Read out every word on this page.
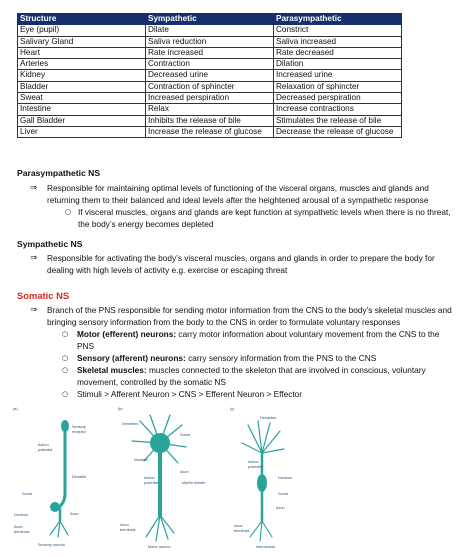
Structure	Sympathetic	Parasympathetic
Eye (pupil)	Dilate	Constrict
Salivary Gland	Saliva reduction	Saliva increased
Heart	Rate increased	Rate decreased
Arteries	Contraction	Dilation
Kidney	Decreased urine	Increased urine
Bladder	Contraction of sphincter	Relaxation of sphincter
Sweat	Increased perspiration	Decreased perspiration
Intestine	Relax	Increase contractions
Gall Bladder	Inhibits the release of bile	Stimulates the release of bile
Liver	Increase the release of glucose	Decrease the release of glucose
Parasympathetic NS
⇒ Responsible for maintaining optimal levels of functioning of the visceral organs, muscles and glands and
returning them to their balanced and ideal levels after the heightened arousal of a sympathetic response
○ If visceral muscles, organs and glands are kept function at sympathetic levels when there is no threat,
the body’s energy becomes depleted
Sympathetic NS
⇒ Responsible for activating the body’s visceral muscles, organs and glands in order to prepare the body for
dealing with high levels of activity e.g. exercise or escaping threat
Somatic NS
⇒ Branch of the PNS responsible for sending motor information from the CNS to the body’s skeletal muscles and
bringing sensory information from the body to the CNS in order to formulate voluntary responses
○ Motor (efferent) neurons: carry motor information about voluntary movement from the CNS to the
PNS
○ Sensory (afferent) neurons: carry sensory information from the PNS to the CNS
○ Skeletal muscles: muscles connected to the skeleton that are involved in conscious, voluntary
movement, controlled by the somatic NS
○ Stimuli > Afferent Neuron > CNS > Efferent Neuron > Effector
(a)	(b)	(c)
Sensory
receptor
Action
potential
Dendrite
Soma
Nucleus	Axon
Axon
terminals
Sensory neuron
Dendrites
Soma
Nucleus
Axon
Action
potential	Myelin sheath
Axon
terminals
Motor neuron
Dendrites
Action
potential
Nucleus
Soma
Axon
Axon
terminals
Interneuron
